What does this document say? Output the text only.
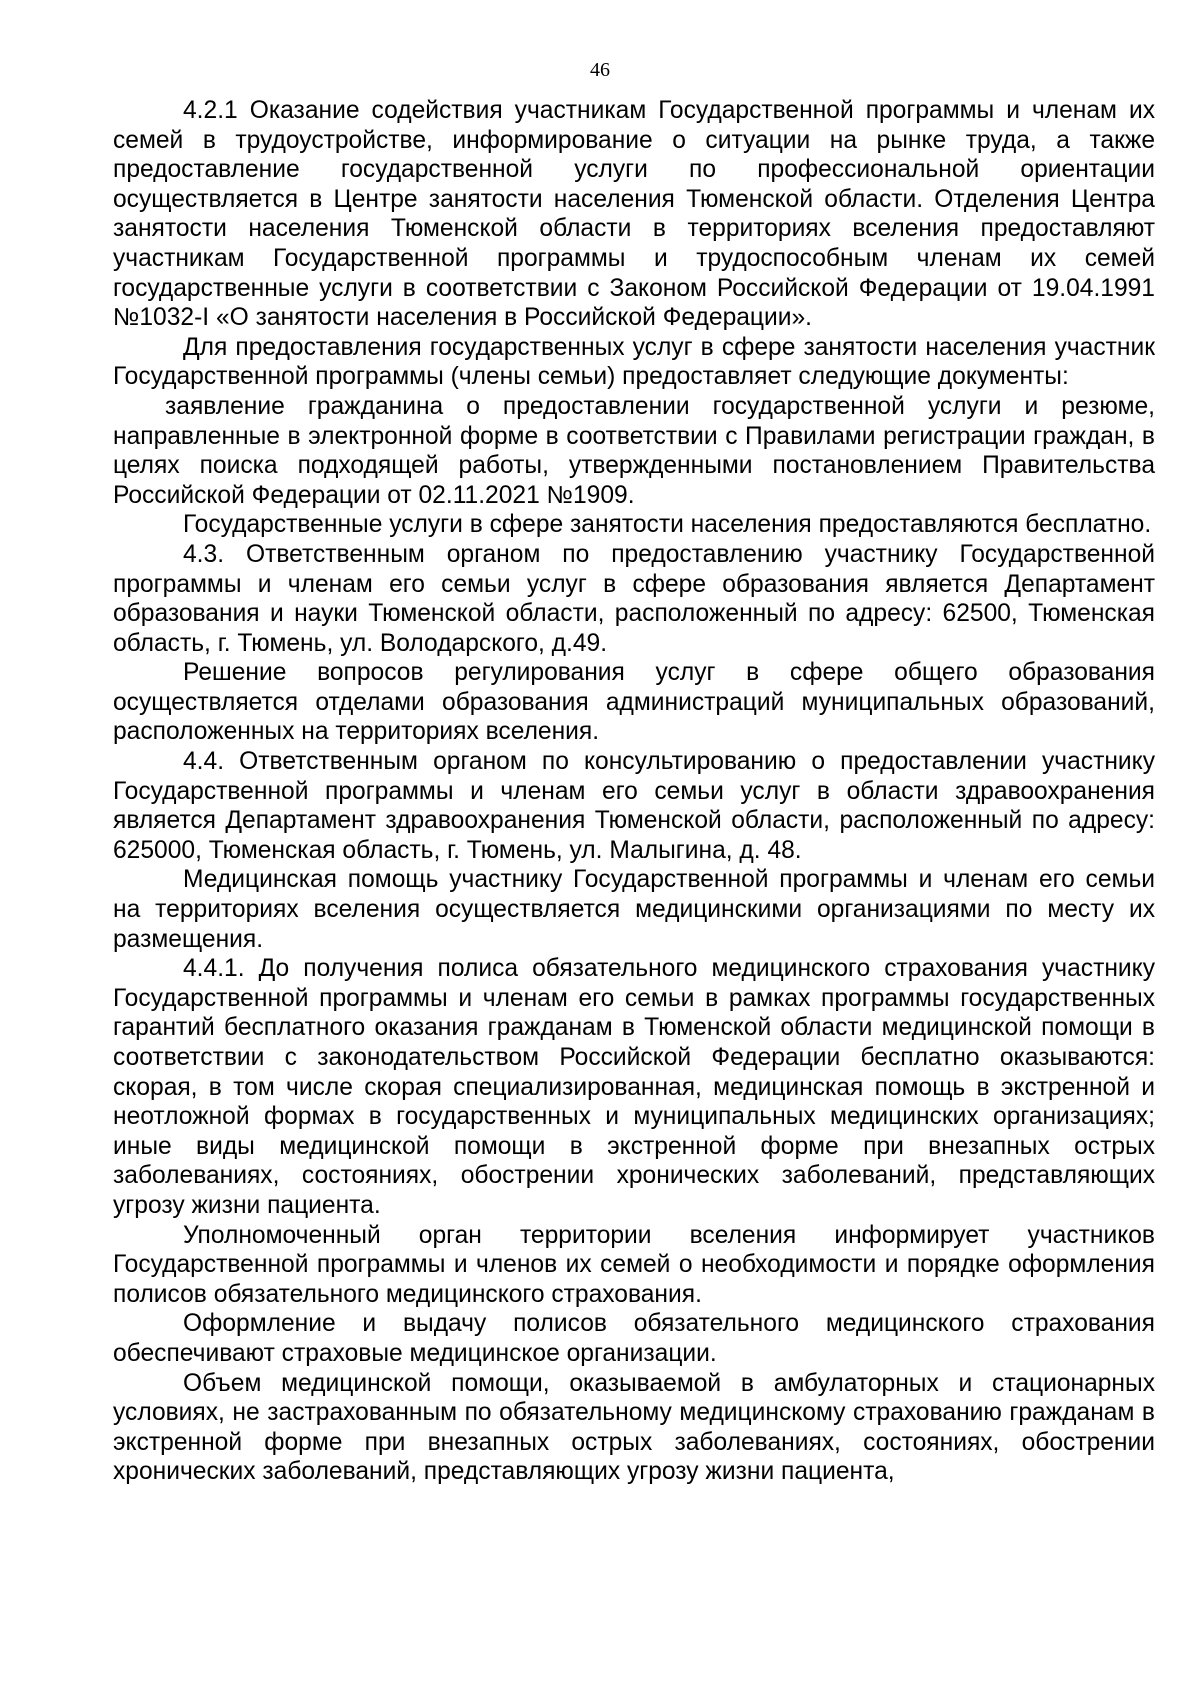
46

4.2.1 Оказание содействия участникам Государственной программы и членам их семей в трудоустройстве, информирование о ситуации на рынке труда, а также предоставление государственной услуги по профессиональной ориентации осуществляется в Центре занятости населения Тюменской области. Отделения Центра занятости населения Тюменской области в территориях вселения предоставляют участникам Государственной программы и трудоспособным членам их семей государственные услуги в соответствии с Законом Российской Федерации от 19.04.1991 №1032-I «О занятости населения в Российской Федерации».

Для предоставления государственных услуг в сфере занятости населения участник Государственной программы (члены семьи) предоставляет следующие документы:

заявление гражданина о предоставлении государственной услуги и резюме, направленные в электронной форме в соответствии с Правилами регистрации граждан, в целях поиска подходящей работы, утвержденными постановлением Правительства Российской Федерации от 02.11.2021 №1909.

Государственные услуги в сфере занятости населения предоставляются бесплатно.

4.3. Ответственным органом по предоставлению участнику Государственной программы и членам его семьи услуг в сфере образования является Департамент образования и науки Тюменской области, расположенный по адресу: 62500, Тюменская область, г. Тюмень, ул. Володарского, д.49.

Решение вопросов регулирования услуг в сфере общего образования осуществляется отделами образования администраций муниципальных образований, расположенных на территориях вселения.

4.4. Ответственным органом по консультированию о предоставлении участнику Государственной программы и членам его семьи услуг в области здравоохранения является Департамент здравоохранения Тюменской области, расположенный по адресу: 625000, Тюменская область, г. Тюмень, ул. Малыгина, д. 48.

Медицинская помощь участнику Государственной программы и членам его семьи на территориях вселения осуществляется медицинскими организациями по месту их размещения.

4.4.1. До получения полиса обязательного медицинского страхования участнику Государственной программы и членам его семьи в рамках программы государственных гарантий бесплатного оказания гражданам в Тюменской области медицинской помощи в соответствии с законодательством Российской Федерации бесплатно оказываются: скорая, в том числе скорая специализированная, медицинская помощь в экстренной и неотложной формах в государственных и муниципальных медицинских организациях; иные виды медицинской помощи в экстренной форме при внезапных острых заболеваниях, состояниях, обострении хронических заболеваний, представляющих угрозу жизни пациента.

Уполномоченный орган территории вселения информирует участников Государственной программы и членов их семей о необходимости и порядке оформления полисов обязательного медицинского страхования.

Оформление и выдачу полисов обязательного медицинского страхования обеспечивают страховые медицинское организации.

Объем медицинской помощи, оказываемой в амбулаторных и стационарных условиях, не застрахованным по обязательному медицинскому страхованию гражданам в экстренной форме при внезапных острых заболеваниях, состояниях, обострении хронических заболеваний, представляющих угрозу жизни пациента,
